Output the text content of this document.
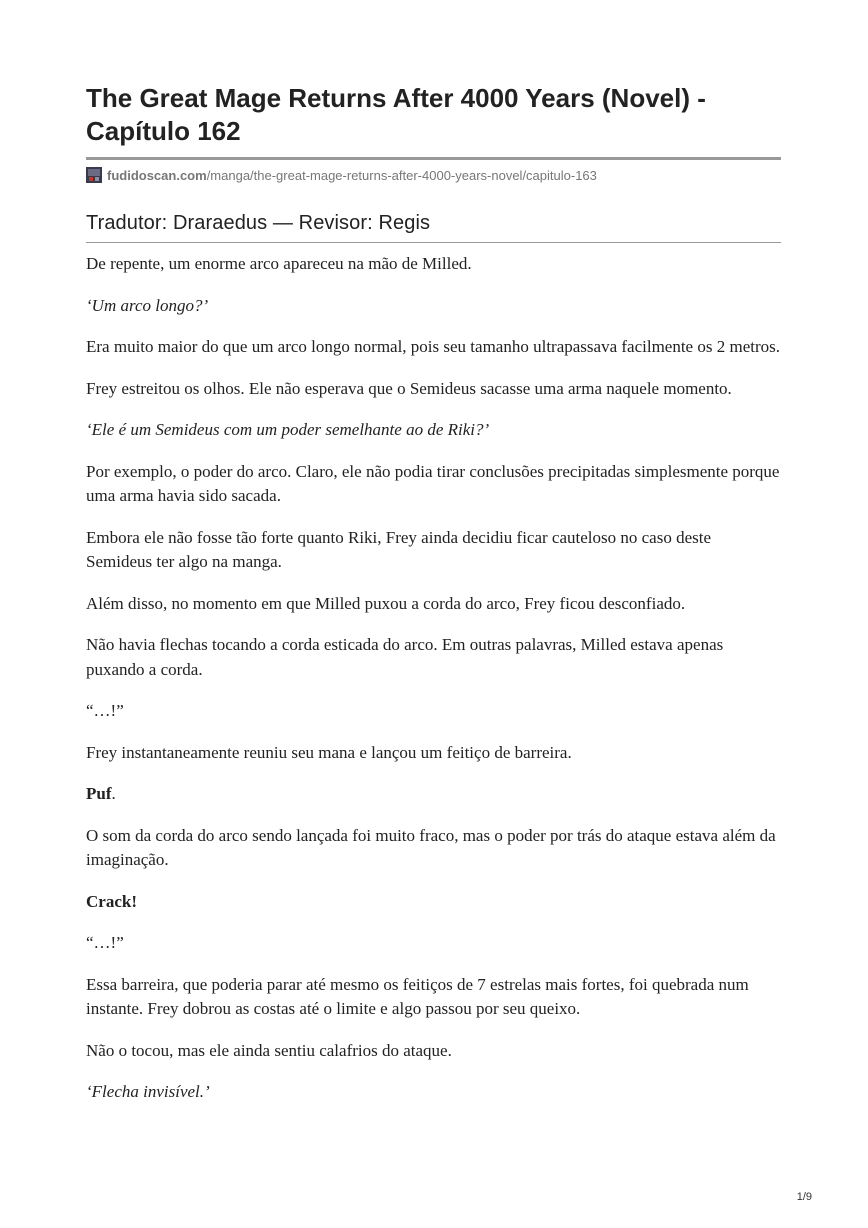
The Great Mage Returns After 4000 Years (Novel) - Capítulo 162
fudidoscan.com /manga/the-great-mage-returns-after-4000-years-novel/capitulo-163
Tradutor: Draraedus — Revisor: Regis

De repente, um enorme arco apareceu na mão de Milled.

‘Um arco longo?’

Era muito maior do que um arco longo normal, pois seu tamanho ultrapassava facilmente os 2 metros.

Frey estreitou os olhos. Ele não esperava que o Semideus sacasse uma arma naquele momento.

‘Ele é um Semideus com um poder semelhante ao de Riki?’

Por exemplo, o poder do arco. Claro, ele não podia tirar conclusões precipitadas simplesmente porque uma arma havia sido sacada.

Embora ele não fosse tão forte quanto Riki, Frey ainda decidiu ficar cauteloso no caso deste Semideus ter algo na manga.

Além disso, no momento em que Milled puxou a corda do arco, Frey ficou desconfiado.

Não havia flechas tocando a corda esticada do arco. Em outras palavras, Milled estava apenas puxando a corda.

“…!”

Frey instantaneamente reuniu seu mana e lançou um feitiço de barreira.

Puf.

O som da corda do arco sendo lançada foi muito fraco, mas o poder por trás do ataque estava além da imaginação.

Crack!

“…!”

Essa barreira, que poderia parar até mesmo os feitiços de 7 estrelas mais fortes, foi quebrada num instante. Frey dobrou as costas até o limite e algo passou por seu queixo.

Não o tocou, mas ele ainda sentiu calafrios do ataque.

‘Flecha invisível.’

1/9
